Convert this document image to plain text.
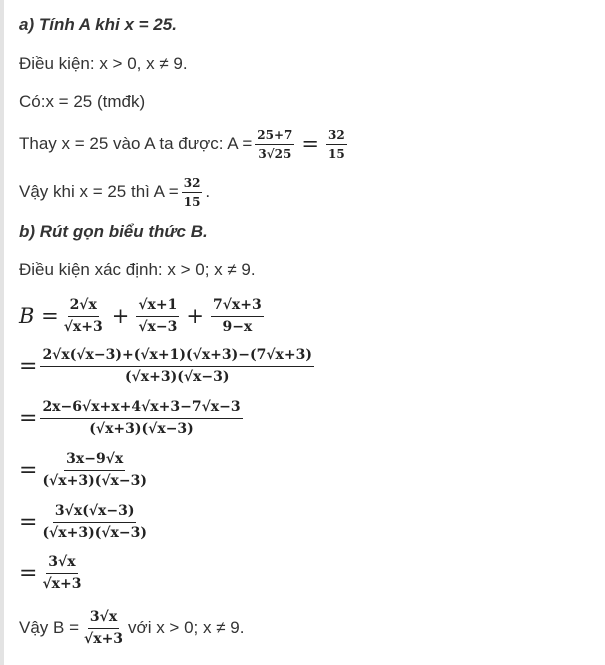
a) Tính A khi x = 25.
Điều kiện: x > 0, x ≠ 9.
Có:x = 25 (tmđk)
Thay x = 25 vào A ta được: $A = \frac{25+7}{3√25} = \frac{32}{15}$
Vậy khi x = 25 thì $A = \frac{32}{15}$ .
b) Rút gọn biểu thức B.
Điều kiện xác định: x > 0; x ≠ 9.
$B = \frac{2√x}{√x+3} + \frac{√x+1}{√x-3} + \frac{7√x+3}{9-x}$
= $\frac{2√x(√x-3)+(√x+1)(√x+3)-(7√x+3)}{(√x+3)(√x-3)}$
= $\frac{2x-6√x+x+4√x+3-7√x-3}{(√x+3)(√x-3)}$
= $\frac{3x-9√x}{(√x+3)(√x-3)}$
= $\frac{3√x(√x-3)}{(√x+3)(√x-3)}$
= $\frac{3√x}{√x+3}$
Vậy $B = \frac{3√x}{√x+3}$ với x > 0; x ≠ 9.
